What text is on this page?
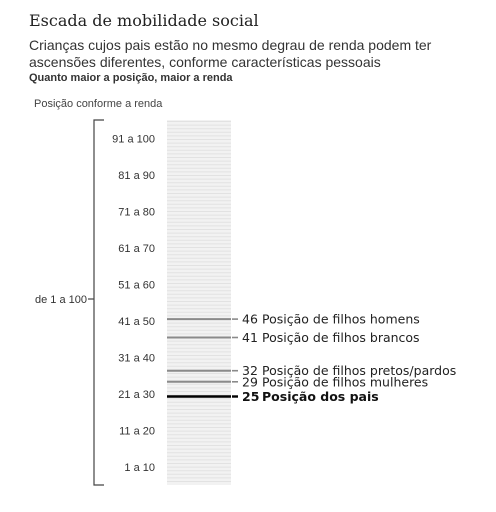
Escada de mobilidade social
Crianças cujos pais estão no mesmo degrau de renda podem ter ascensões diferentes, conforme características pessoais
Quanto maior a posição, maior a renda
Posição conforme a renda
de 1 a 100
91 a 100
81 a 90
71 a 80
61 a 70
51 a 60
41 a 50
31 a 40
21 a 30
11 a 20
1 a 10
46 Posição de filhos homens
41 Posição de filhos brancos
32 Posição de filhos pretos/pardos
29 Posição de filhos mulheres
25 Posição dos pais
